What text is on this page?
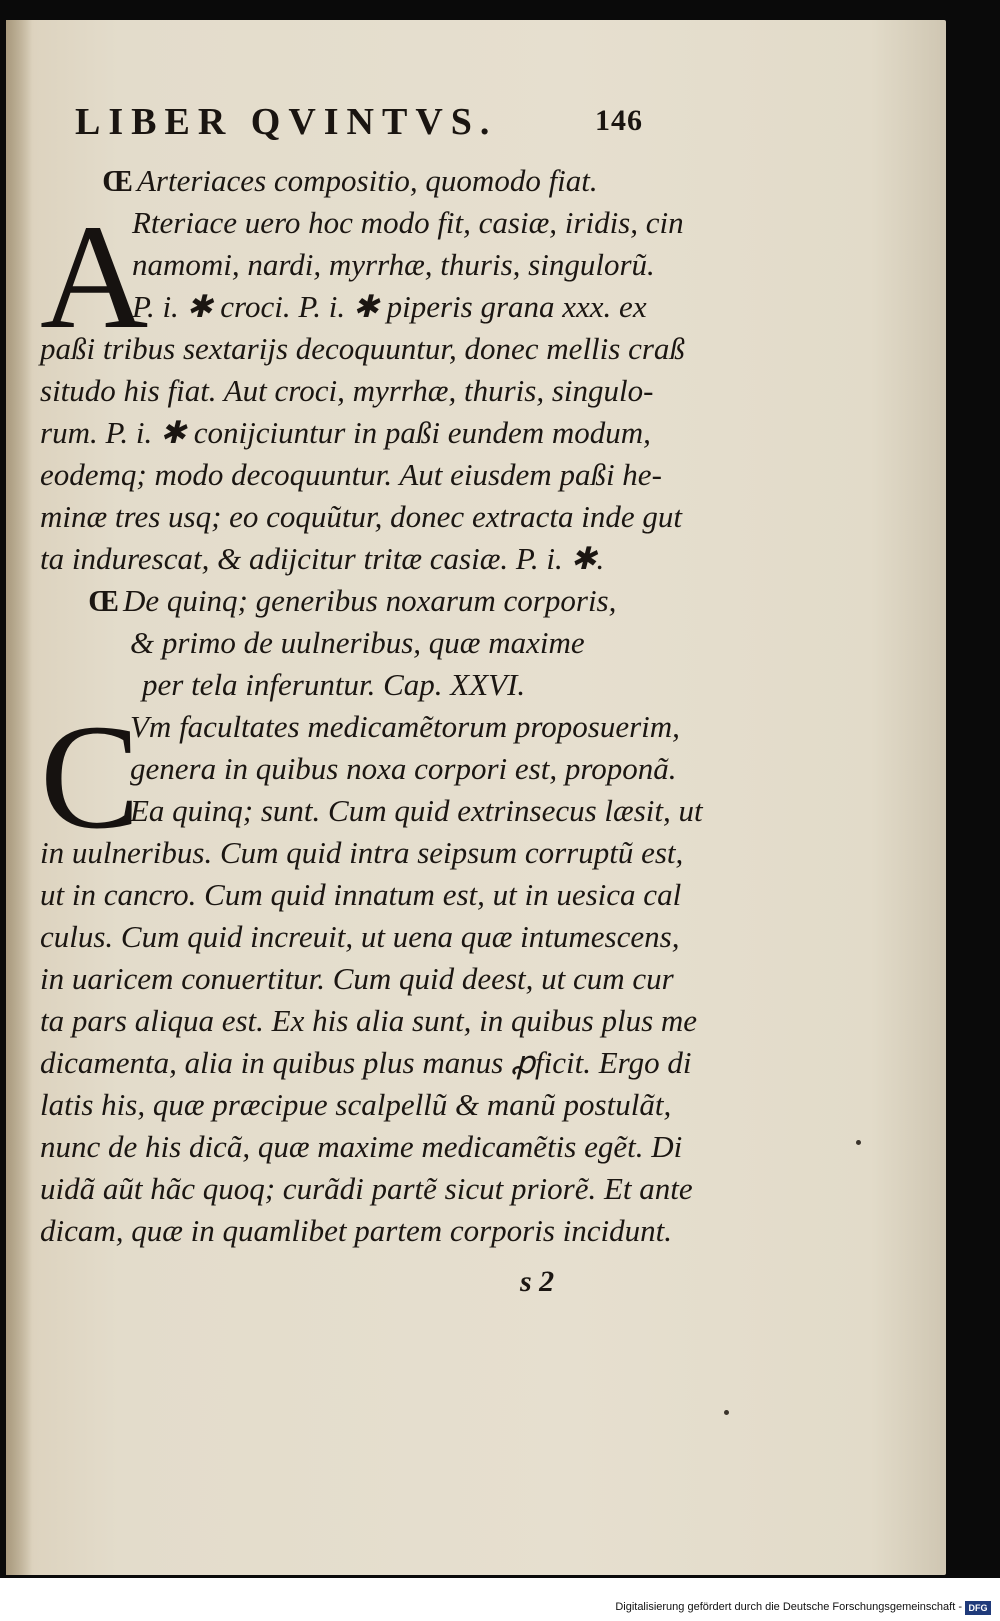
LIBER QVINTVS.	146
Œ Arteriaces compositio, quomodo fiat.
A
Rteriace uero hoc modo fit, casiæ, iridis, cin
namomi, nardi, myrrhæ, thuris, singulorũ.
P. i. ✱ croci. P. i. ✱ piperis grana xxx. ex
paßi tribus sextarijs decoquuntur, donec mellis craß
situdo his fiat. Aut croci, myrrhæ, thuris, singulo-
rum. P. i. ✱ conijciuntur in paßi eundem modum,
eodemq; modo decoquuntur. Aut eiusdem paßi he-
minæ tres usq; eo coquũtur, donec extracta inde gut
ta indurescat, & adijcitur tritæ casiæ. P. i. ✱.
Œ De quinq; generibus noxarum corporis,
& primo de uulneribus, quæ maxime
per tela inferuntur. Cap. XXVI.
C
Vm facultates medicamẽtorum proposuerim,
genera in quibus noxa corpori est, proponã.
Ea quinq; sunt. Cum quid extrinsecus læsit, ut
in uulneribus. Cum quid intra seipsum corruptũ est,
ut in cancro. Cum quid innatum est, ut in uesica cal
culus. Cum quid increuit, ut uena quæ intumescens,
in uaricem conuertitur. Cum quid deest, ut cum cur
ta pars aliqua est. Ex his alia sunt, in quibus plus me
dicamenta, alia in quibus plus manus ꝓficit. Ergo di
latis his, quæ præcipue scalpellũ & manũ postulãt,
nunc de his dicã, quæ maxime medicamẽtis egẽt. Di
uidã aũt hãc quoq; curãdi partẽ sicut priorẽ. Et ante
dicam, quæ in quamlibet partem corporis incidunt.
s 2
Digitalisierung gefördert durch die Deutsche Forschungsgemeinschaft - DFG
